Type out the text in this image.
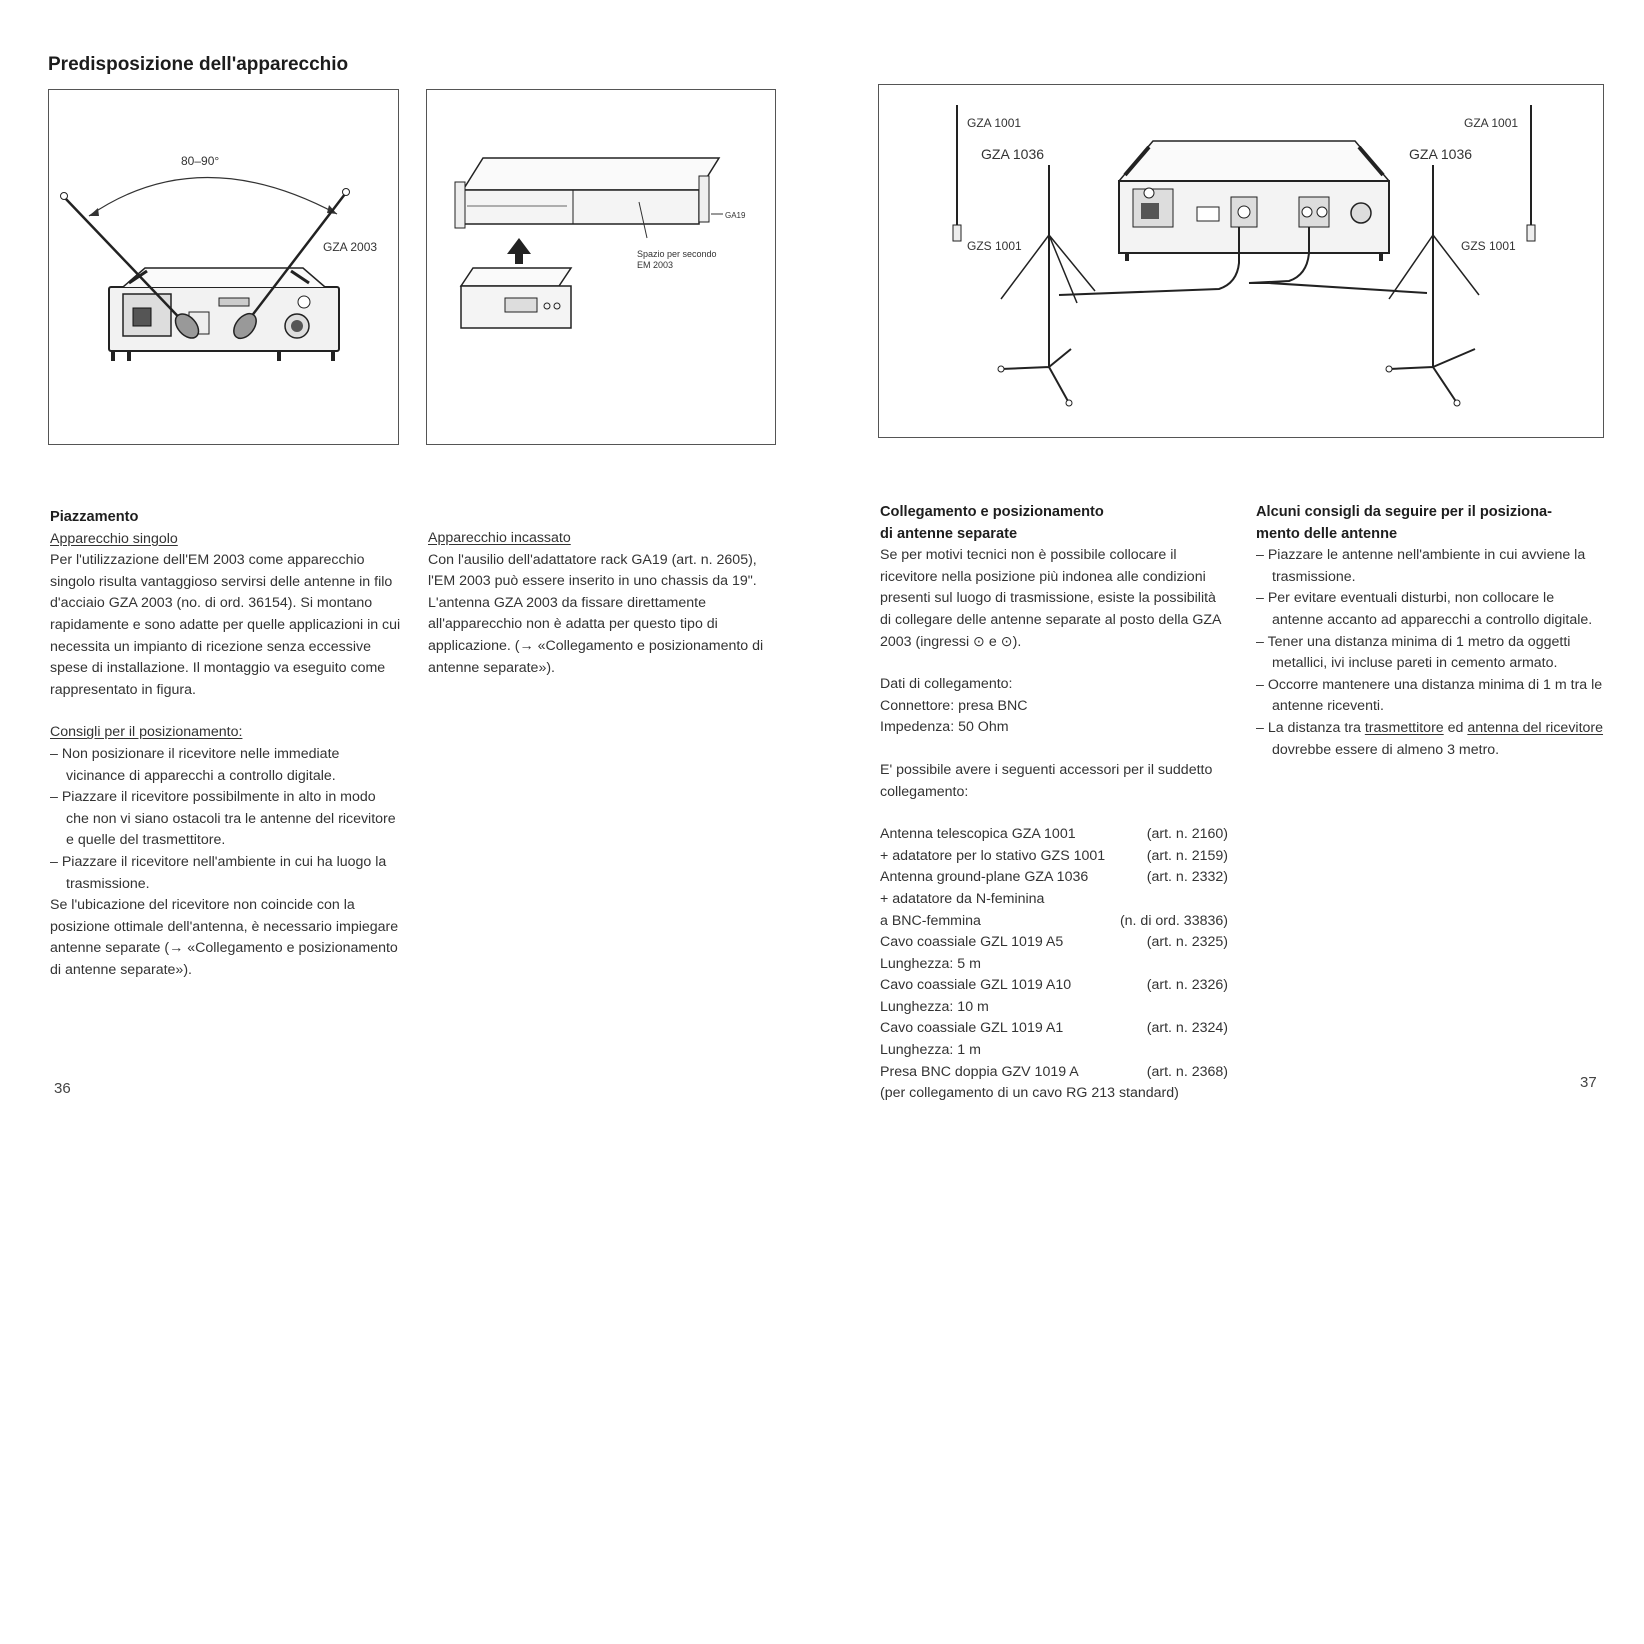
Predisposizione dell'apparecchio
80–90°
GZA 2003
GA19
Spazio per secondo
EM 2003
GZA 1001
GZA 1036
GZS 1001
GZA 1001
GZA 1036
GZS 1001

Piazzamento

Apparecchio singolo

Per l'utilizzazione dell'EM 2003 come apparecchio singolo risulta vantaggioso servirsi delle antenne in filo d'acciaio GZA 2003 (no. di ord. 36154). Si montano rapidamente e sono adatte per quelle applicazioni in cui necessita un impianto di ricezione senza eccessive spese di installazione. Il montaggio va eseguito come rappresentato in figura.

Consigli per il posizionamento:

– Non posizionare il ricevitore nelle immediate vicinance di apparecchi a controllo digitale.

– Piazzare il ricevitore possibilmente in alto in modo che non vi siano ostacoli tra le antenne del ricevitore e quelle del trasmettitore.

– Piazzare il ricevitore nell'ambiente in cui ha luogo la trasmissione.

Se l'ubicazione del ricevitore non coincide con la posizione ottimale dell'antenna, è necessario impiegare antenne separate (→ «Collegamento e posizionamento di antenne separate»).

Apparecchio incassato

Con l'ausilio dell'adattatore rack GA19 (art. n. 2605), l'EM 2003 può essere inserito in uno chassis da 19". L'antenna GZA 2003 da fissare direttamente all'apparecchio non è adatta per questo tipo di applicazione. (→ «Collegamento e posizionamento di antenne separate»).

Collegamento e posizionamento

di antenne separate

Se per motivi tecnici non è possibile collocare il ricevitore nella posizione più indonea alle condizioni presenti sul luogo di trasmissione, esiste la possibilità di collegare delle antenne separate al posto della GZA 2003 (ingressi ⊙ e ⊙).

Dati di collegamento:

Connettore: presa BNC

Impedenza: 50 Ohm

E' possibile avere i seguenti accessori per il suddetto collegamento:

Antenna telescopica GZA 1001	(art. n. 2160)
+ adatatore per lo stativo GZS 1001	(art. n. 2159)
Antenna ground-plane GZA 1036	(art. n. 2332)
+ adatatore da N-feminina
a BNC-femmina	(n. di ord. 33836)
Cavo coassiale GZL 1019 A5	(art. n. 2325)
Lunghezza: 5 m
Cavo coassiale GZL 1019 A10	(art. n. 2326)
Lunghezza: 10 m
Cavo coassiale GZL 1019 A1	(art. n. 2324)
Lunghezza: 1 m
Presa BNC doppia GZV 1019 A	(art. n. 2368)
(per collegamento di un cavo RG 213 standard)

Alcuni consigli da seguire per il posiziona-

mento delle antenne

– Piazzare le antenne nell'ambiente in cui avviene la trasmissione.

– Per evitare eventuali disturbi, non collocare le antenne accanto ad apparecchi a controllo digitale.

– Tener una distanza minima di 1 metro da oggetti metallici, ivi incluse pareti in cemento armato.

– Occorre mantenere una distanza minima di 1 m tra le antenne riceventi.

– La distanza tra trasmettitore ed antenna del ricevitore dovrebbe essere di almeno 3 metro.

36	37
